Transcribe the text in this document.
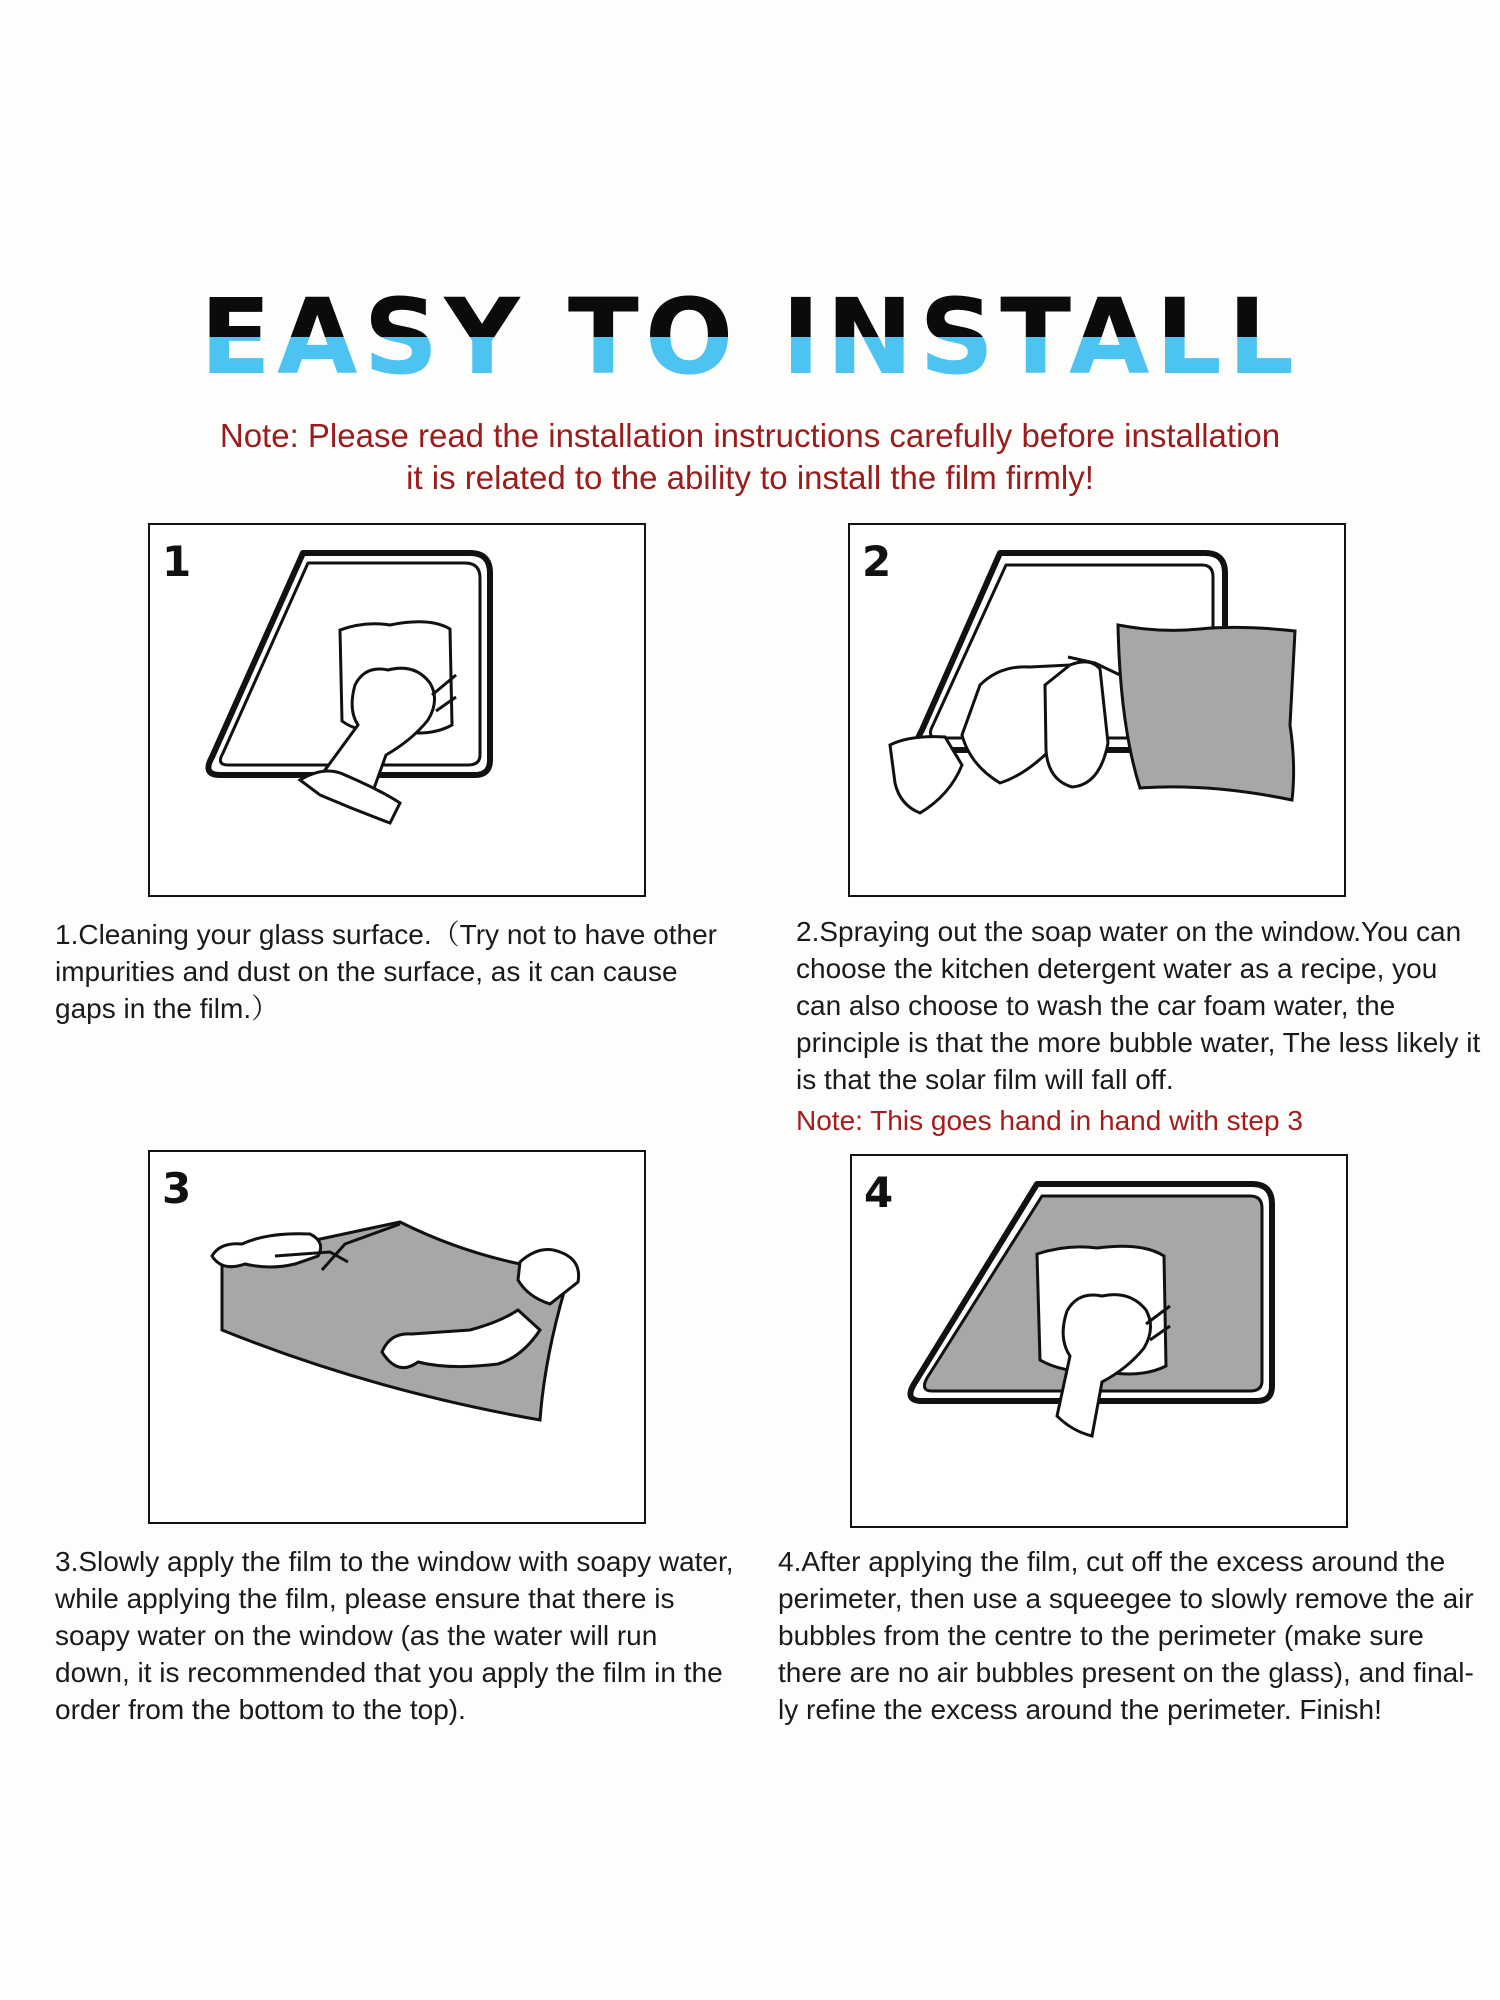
EASY TO INSTALL
Note: Please read the installation instructions carefully before installation
it is related to the ability to install the film firmly!
1	2
3	4
1.Cleaning your glass surface.（Try not to have other impurities and dust on the surface, as it can cause gaps in the film.）
2.Spraying out the soap water on the window.You can choose the kitchen detergent water as a recipe, you can also choose to wash the car foam water, the principle is that the more bubble water, The less likely it is that the solar film will fall off.
Note: This goes hand in hand with step 3
3.Slowly apply the film to the window with soapy water, while applying the film, please ensure that there is soapy water on the window (as the water will run down, it is recommended that you apply the film in the order from the bottom to the top).
4.After applying the film, cut off the excess around the perimeter, then use a squeegee to slowly remove the air bubbles from the centre to the perimeter (make sure there are no air bubbles present on the glass), and final-ly refine the excess around the perimeter. Finish!
